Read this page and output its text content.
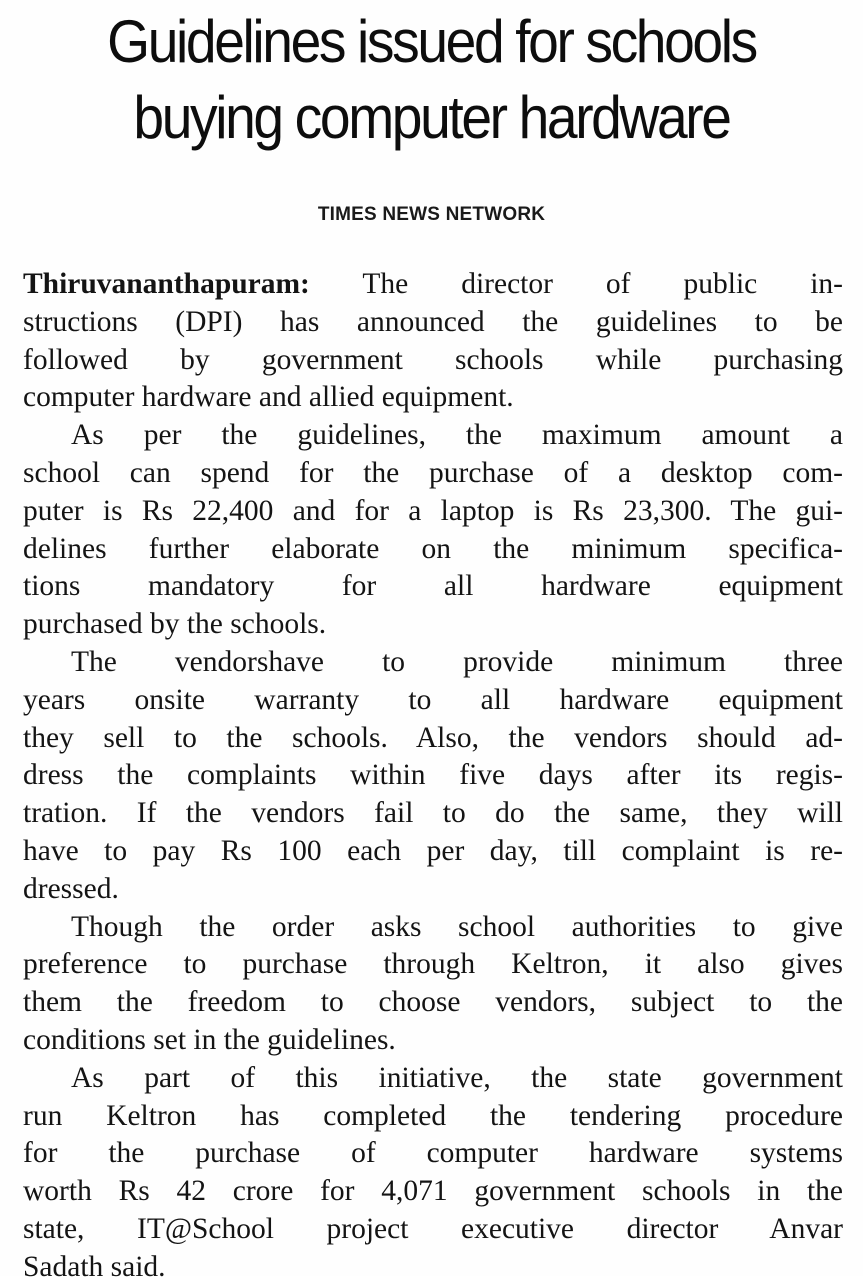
Guidelines issued for schools
buying computer hardware

TIMES NEWS NETWORK

Thiruvananthapuram: The director of public in-
structions (DPI) has announced the guidelines to be
followed by government schools while purchasing
computer hardware and allied equipment.

As per the guidelines, the maximum amount a
school can spend for the purchase of a desktop com-
puter is Rs 22,400 and for a laptop is Rs 23,300. The gui-
delines further elaborate on the minimum specifica-
tions mandatory for all hardware equipment
purchased by the schools.

The vendorshave to provide minimum three
years onsite warranty to all hardware equipment
they sell to the schools. Also, the vendors should ad-
dress the complaints within five days after its regis-
tration. If the vendors fail to do the same, they will
have to pay Rs 100 each per day, till complaint is re-
dressed.

Though the order asks school authorities to give
preference to purchase through Keltron, it also gives
them the freedom to choose vendors, subject to the
conditions set in the guidelines.

As part of this initiative, the state government
run Keltron has completed the tendering procedure
for the purchase of computer hardware systems
worth Rs 42 crore for 4,071 government schools in the
state, IT@School project executive director Anvar
Sadath said.
